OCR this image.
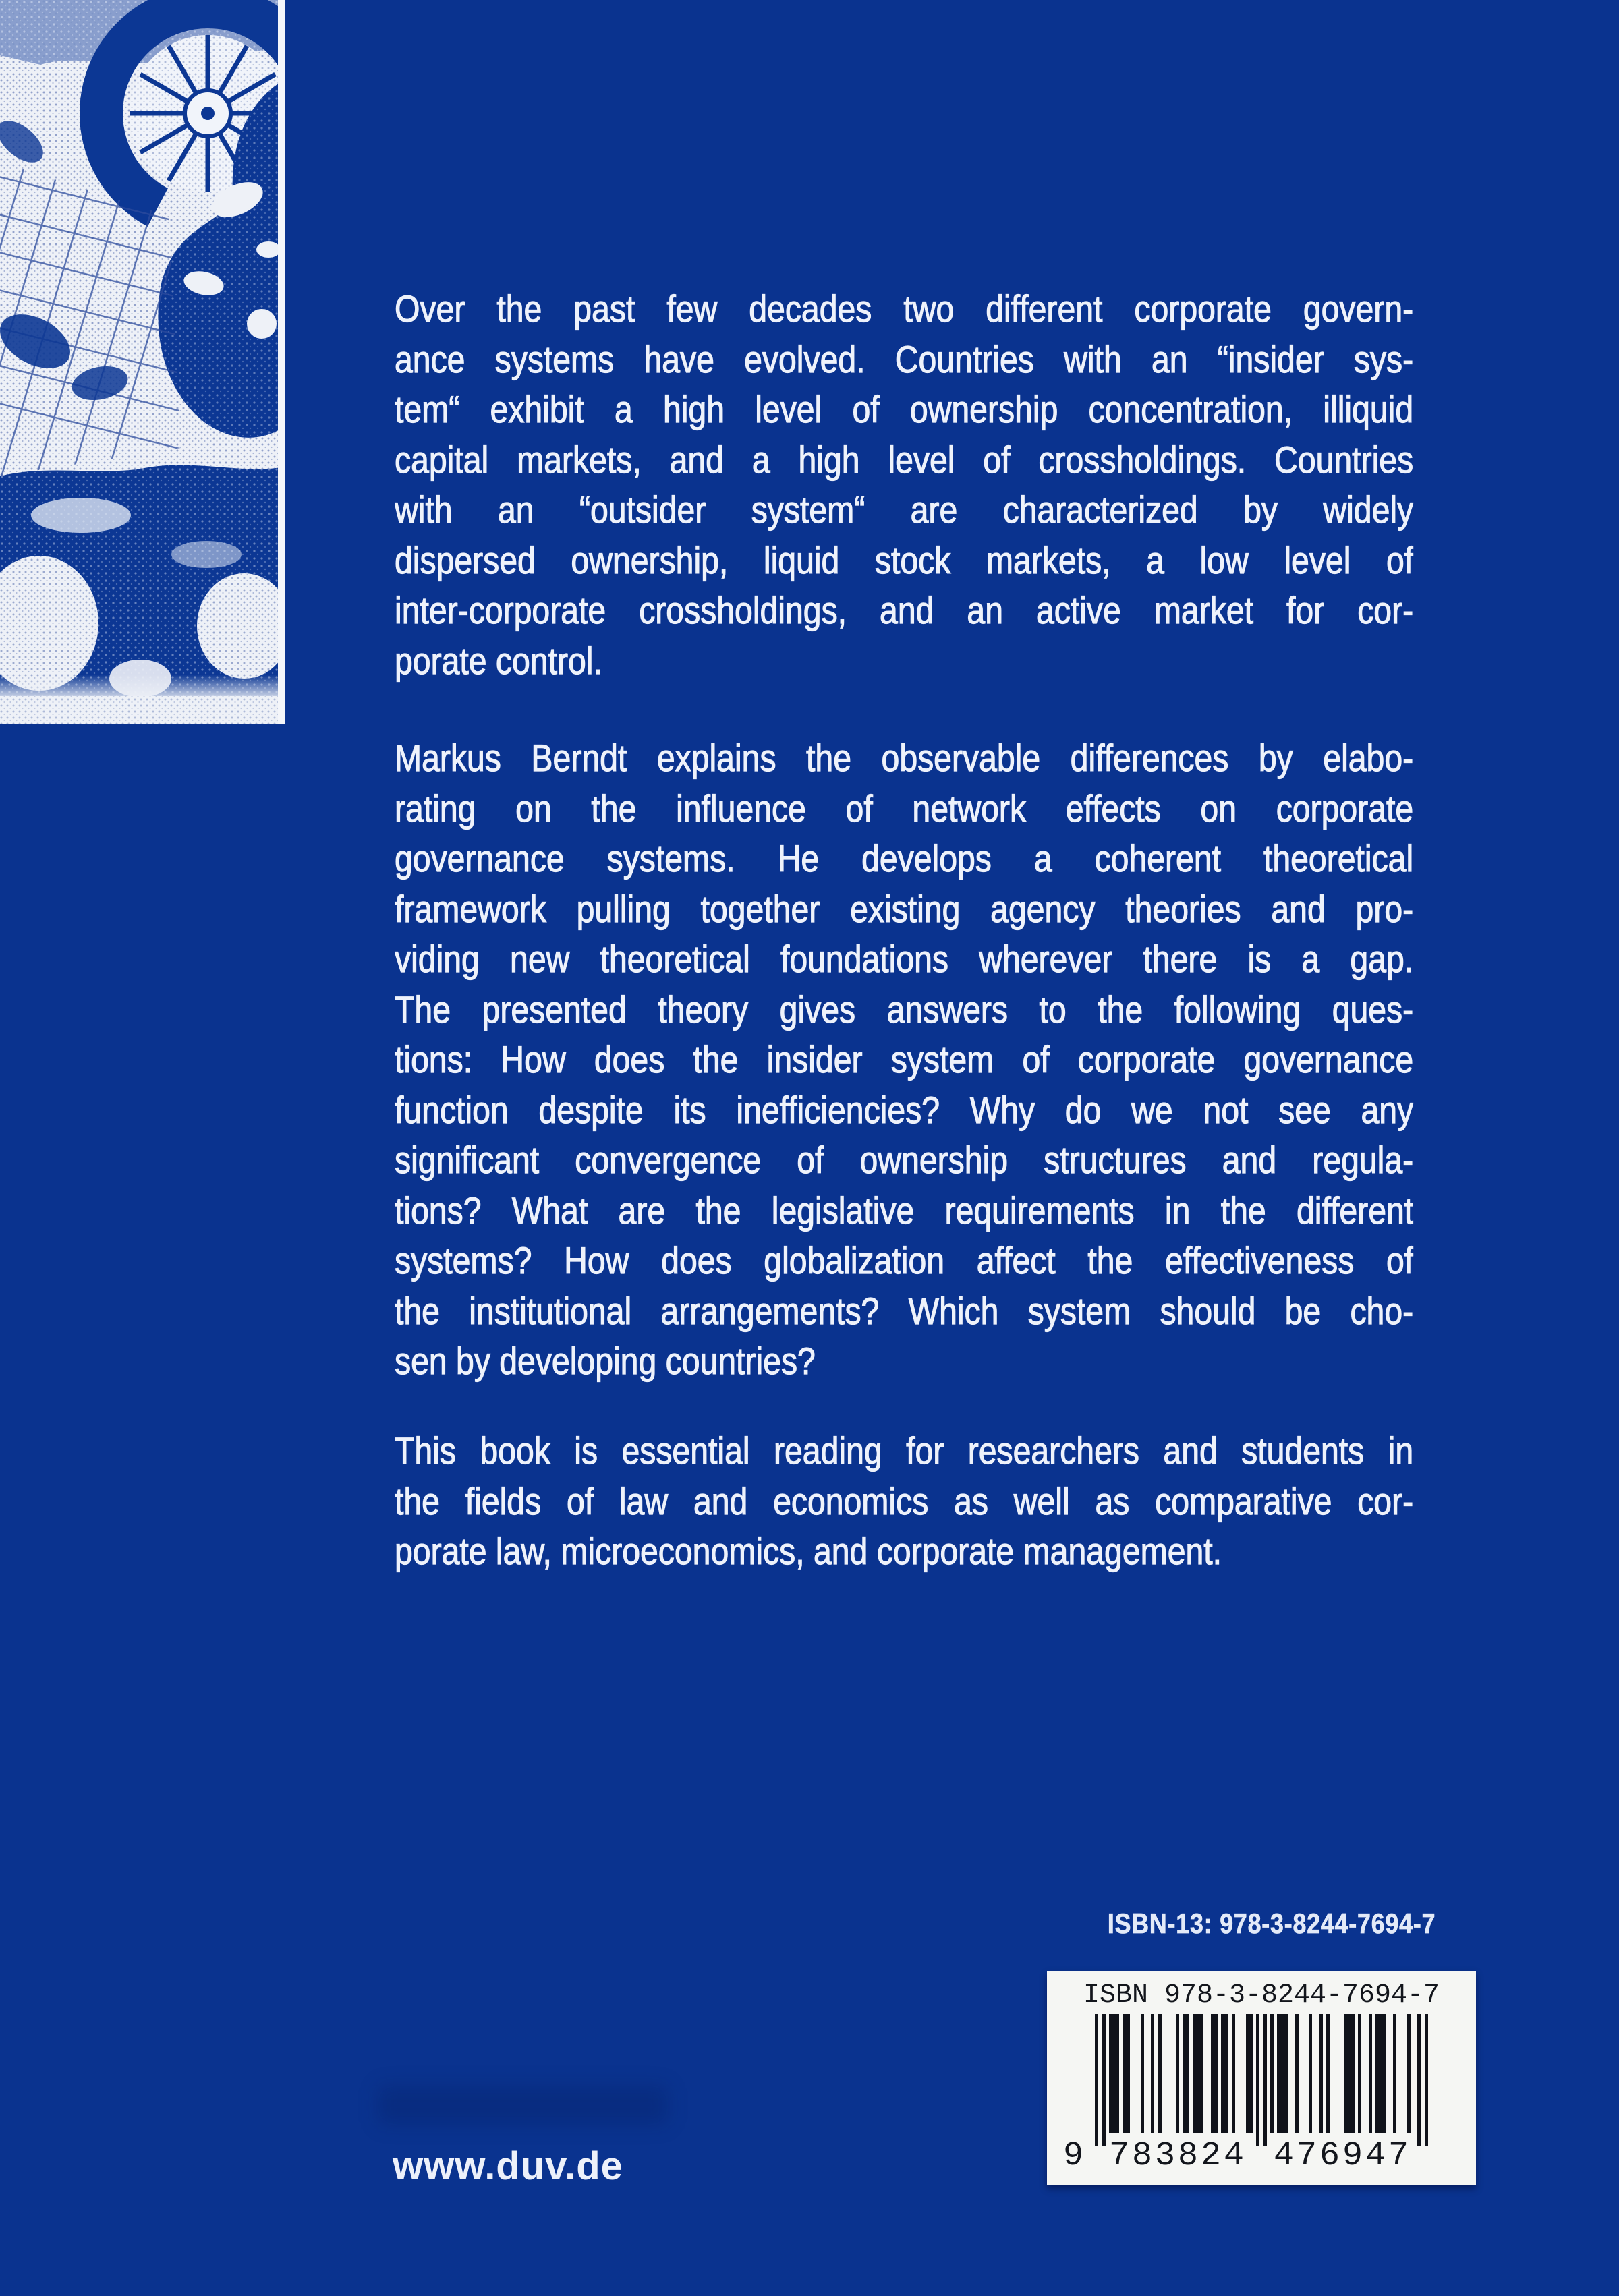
Over the past few decades two different corporate govern-
ance systems have evolved. Countries with an “insider sys-
tem“ exhibit a high level of ownership concentration, illiquid
capital markets, and a high level of crossholdings. Countries
with an “outsider system“ are characterized by widely
dispersed ownership, liquid stock markets, a low level of
inter-corporate crossholdings, and an active market for cor-
porate control.
Markus Berndt explains the observable differences by elabo-
rating on the influence of network effects on corporate
governance systems. He develops a coherent theoretical
framework pulling together existing agency theories and pro-
viding new theoretical foundations wherever there is a gap.
The presented theory gives answers to the following ques-
tions: How does the insider system of corporate governance
function despite its inefficiencies? Why do we not see any
significant convergence of ownership structures and regula-
tions? What are the legislative requirements in the different
systems? How does globalization affect the effectiveness of
the institutional arrangements? Which system should be cho-
sen by developing countries?
This book is essential reading for researchers and students in
the fields of law and economics as well as comparative cor-
porate law, microeconomics, and corporate management.
ISBN-13: 978-3-8244-7694-7
ISBN 978-3-8244-7694-7
9 783824 476947
www.duv.de
